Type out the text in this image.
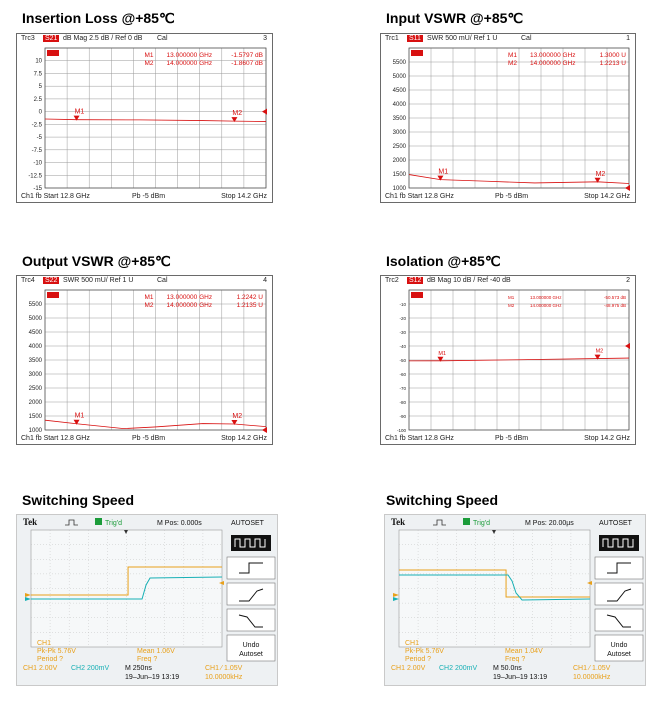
Insertion Loss @+85℃	Input VSWR @+85℃
Output VSWR @+85℃	Isolation @+85℃
Switching Speed	Switching Speed
Trc3 S21 dB Mag 2.5 dB / Ref 0 dB Cal	3
Ch1 fb Start 12.8 GHz	Pb -5 dBm	Stop 14.2 GHz
10
7.5
5
2.5
0
-2.5
-5
-7.5
-10
-12.5
-15
M1	M2
M1 13.000000 GHz	-1.5797 dB
M2 14.000000 GHz	-1.8607 dB
Trc1 S11 SWR 500 mU/ Ref 1 U	Cal	1
Ch1 fb Start 12.8 GHz	Pb -5 dBm	Stop 14.2 GHz
5500
5000
4500
4000
3500
3000
2500
2000
1500
1000
M1	M2
M1 13.000000 GHz	1.3000 U
M2 14.000000 GHz	1.2213 U
Trc4 S22 SWR 500 mU/ Ref 1 U	Cal	4
Ch1 fb Start 12.8 GHz	Pb -5 dBm	Stop 14.2 GHz
5500
5000
4500
4000
3500
3000
2500
2000
1500
1000
M1	M2
M1 13.000000 GHz	1.2242 U
M2 14.000000 GHz	1.2135 U
Trc2 S12 dB Mag 10 dB / Ref -40 dB	2
Ch1 fb Start 12.8 GHz	Pb -5 dBm	Stop 14.2 GHz
-10
-20
-30
-40
-50
-60
-70
-80
-90
-100
M1	M2
M1	13.000000 GHz	-50.573 dB
M2	14.000000 GHz	-48.975 dB
Tek	Trig'd	M Pos: 0.000s	AUTOSET
CH1
Pk-Pk 5.76V
Period ?
Mean 1.06V
Freq ?
Undo
Autoset
CH1 2.00V CH2 200mV M 250ns
19–Jun–19 13:19
CH1 ⁄ 1.05V
10.0000kHz
Tek	Trig'd	M Pos: 20.00µs	AUTOSET
CH1
Pk-Pk 5.76V
Period ?
Mean 1.04V
Freq ?
Undo
Autoset
CH1 2.00V CH2 200mV M 50.0ns
19–Jun–19 13:19
CH1 ⁄ 1.05V
10.0000kHz
